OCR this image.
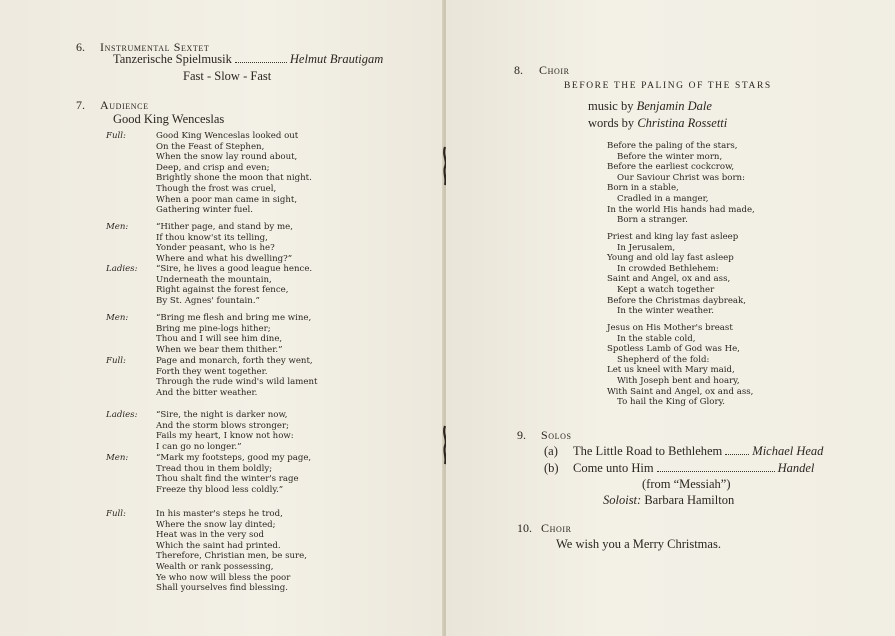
6. Instrumental Sextet
Tanzerische Spielmusik	Helmut Brautigam
Fast - Slow - Fast
7. Audience
Good King Wenceslas
Full:	Good King Wenceslas looked out
On the Feast of Stephen,
When the snow lay round about,
Deep, and crisp and even;
Brightly shone the moon that night.
Though the frost was cruel,
When a poor man came in sight,
Gathering winter fuel.
Men:	“Hither page, and stand by me,
If thou know'st its telling,
Yonder peasant, who is he?
Where and what his dwelling?”
Ladies: “Sire, he lives a good league hence.
Underneath the mountain,
Right against the forest fence,
By St. Agnes' fountain.”
Men:	“Bring me flesh and bring me wine,
Bring me pine-logs hither;
Thou and I will see him dine,
When we bear them thither.”
Full:	Page and monarch, forth they went,
Forth they went together.
Through the rude wind's wild lament
And the bitter weather.
Ladies: “Sire, the night is darker now,
And the storm blows stronger;
Fails my heart, I know not how:
I can go no longer.”
Men:	“Mark my footsteps, good my page,
Tread thou in them boldly;
Thou shalt find the winter's rage
Freeze thy blood less coldly.”
Full:	In his master's steps he trod,
Where the snow lay dinted;
Heat was in the very sod
Which the saint had printed.
Therefore, Christian men, be sure,
Wealth or rank possessing,
Ye who now will bless the poor
Shall yourselves find blessing.
8. Choir
BEFORE THE PALING OF THE STARS
music by Benjamin Dale
words by Christina Rossetti
Before the paling of the stars,
Before the winter morn,
Before the earliest cockcrow,
Our Saviour Christ was born:
Born in a stable,
Cradled in a manger,
In the world His hands had made,
Born a stranger.
Priest and king lay fast asleep
In Jerusalem,
Young and old lay fast asleep
In crowded Bethlehem:
Saint and Angel, ox and ass,
Kept a watch together
Before the Christmas daybreak,
In the winter weather.
Jesus on His Mother's breast
In the stable cold,
Spotless Lamb of God was He,
Shepherd of the fold:
Let us kneel with Mary maid,
With Joseph bent and hoary,
With Saint and Angel, ox and ass,
To hail the King of Glory.
9. Solos
(a) The Little Road to Bethlehem Michael Head
(b) Come unto Him	Handel
(from “Messiah”)
Soloist: Barbara Hamilton
10. Choir
We wish you a Merry Christmas.
